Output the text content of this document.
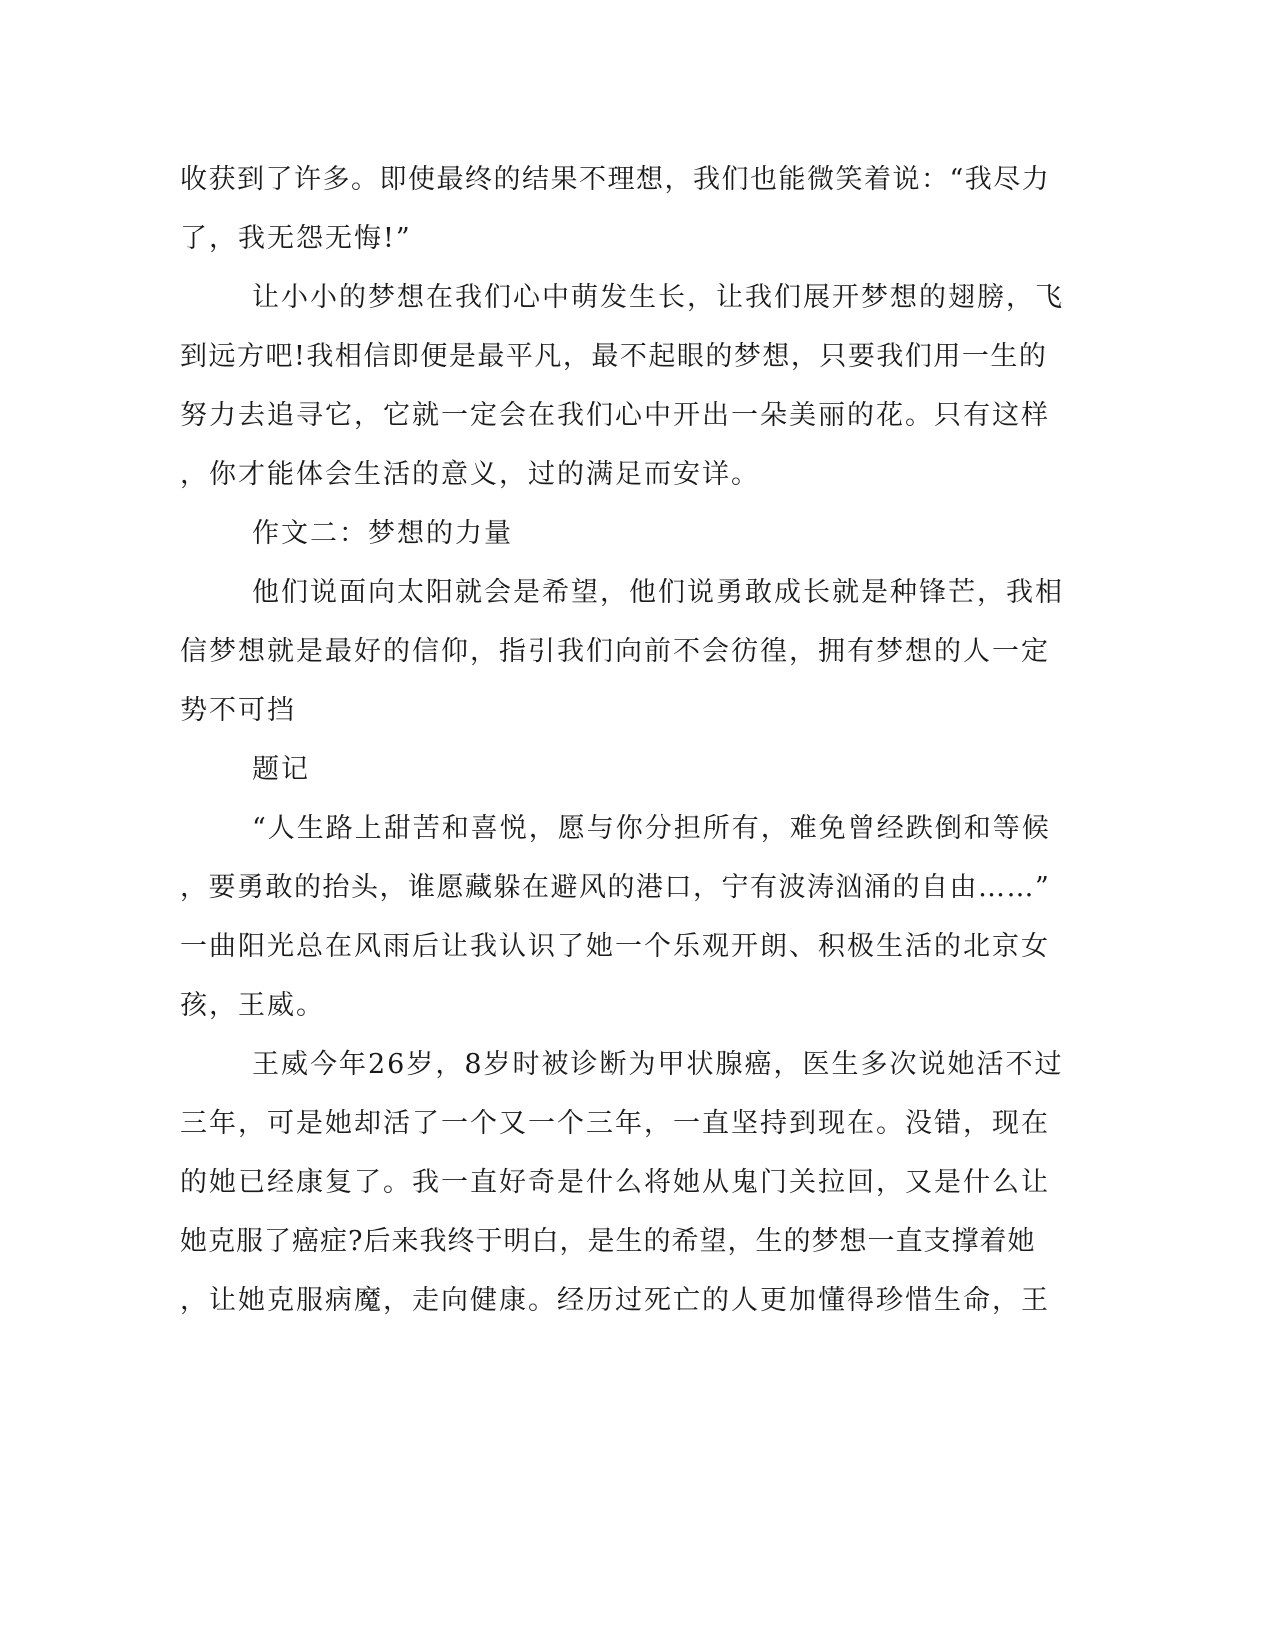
收获到了许多。即使最终的结果不理想，我们也能微笑着说：“我尽力
了，我无怨无悔!”
让小小的梦想在我们心中萌发生长，让我们展开梦想的翅膀，飞
到远方吧!我相信即便是最平凡，最不起眼的梦想，只要我们用一生的
努力去追寻它，它就一定会在我们心中开出一朵美丽的花。只有这样
，你才能体会生活的意义，过的满足而安详。
作文二：梦想的力量
他们说面向太阳就会是希望，他们说勇敢成长就是种锋芒，我相
信梦想就是最好的信仰，指引我们向前不会彷徨，拥有梦想的人一定
势不可挡
题记
“人生路上甜苦和喜悦，愿与你分担所有，难免曾经跌倒和等候
，要勇敢的抬头，谁愿藏躲在避风的港口，宁有波涛汹涌的自由……”
一曲阳光总在风雨后让我认识了她一个乐观开朗、积极生活的北京女
孩，王威。
王威今年26岁，8岁时被诊断为甲状腺癌，医生多次说她活不过
三年，可是她却活了一个又一个三年，一直坚持到现在。没错，现在
的她已经康复了。我一直好奇是什么将她从鬼门关拉回，又是什么让
她克服了癌症?后来我终于明白，是生的希望，生的梦想一直支撑着她
，让她克服病魔，走向健康。经历过死亡的人更加懂得珍惜生命，王
